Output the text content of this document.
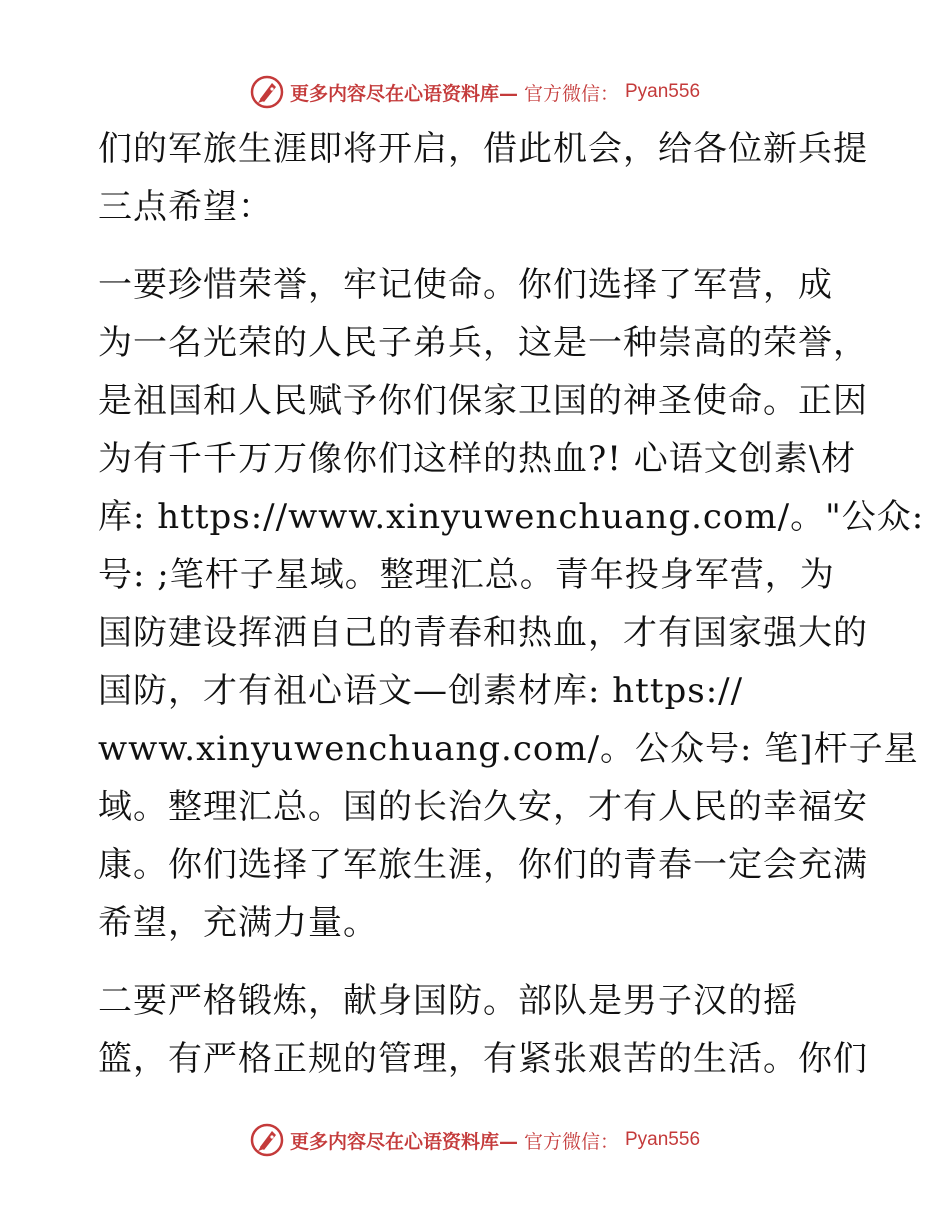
更多内容尽在心语资料库— 官方微信： Pyan556
们的军旅生涯即将开启，借此机会，给各位新兵提
三点希望：
一要珍惜荣誉，牢记使命。你们选择了军营，成
为一名光荣的人民子弟兵，这是一种崇高的荣誉，
是祖国和人民赋予你们保家卫国的神圣使命。正因
为有千千万万像你们这样的热血?! 心语文创素\材
库: https://www.xinyuwenchuang.com/。"公众:
号: ;笔杆子星域。整理汇总。青年投身军营，为
国防建设挥洒自己的青春和热血，才有国家强大的
国防，才有祖心语文—创素材库: https://
www.xinyuwenchuang.com/。公众号: 笔]杆子星
域。整理汇总。国的长治久安，才有人民的幸福安
康。你们选择了军旅生涯，你们的青春一定会充满
希望，充满力量。
二要严格锻炼，献身国防。部队是男子汉的摇
篮，有严格正规的管理，有紧张艰苦的生活。你们
更多内容尽在心语资料库— 官方微信： Pyan556
